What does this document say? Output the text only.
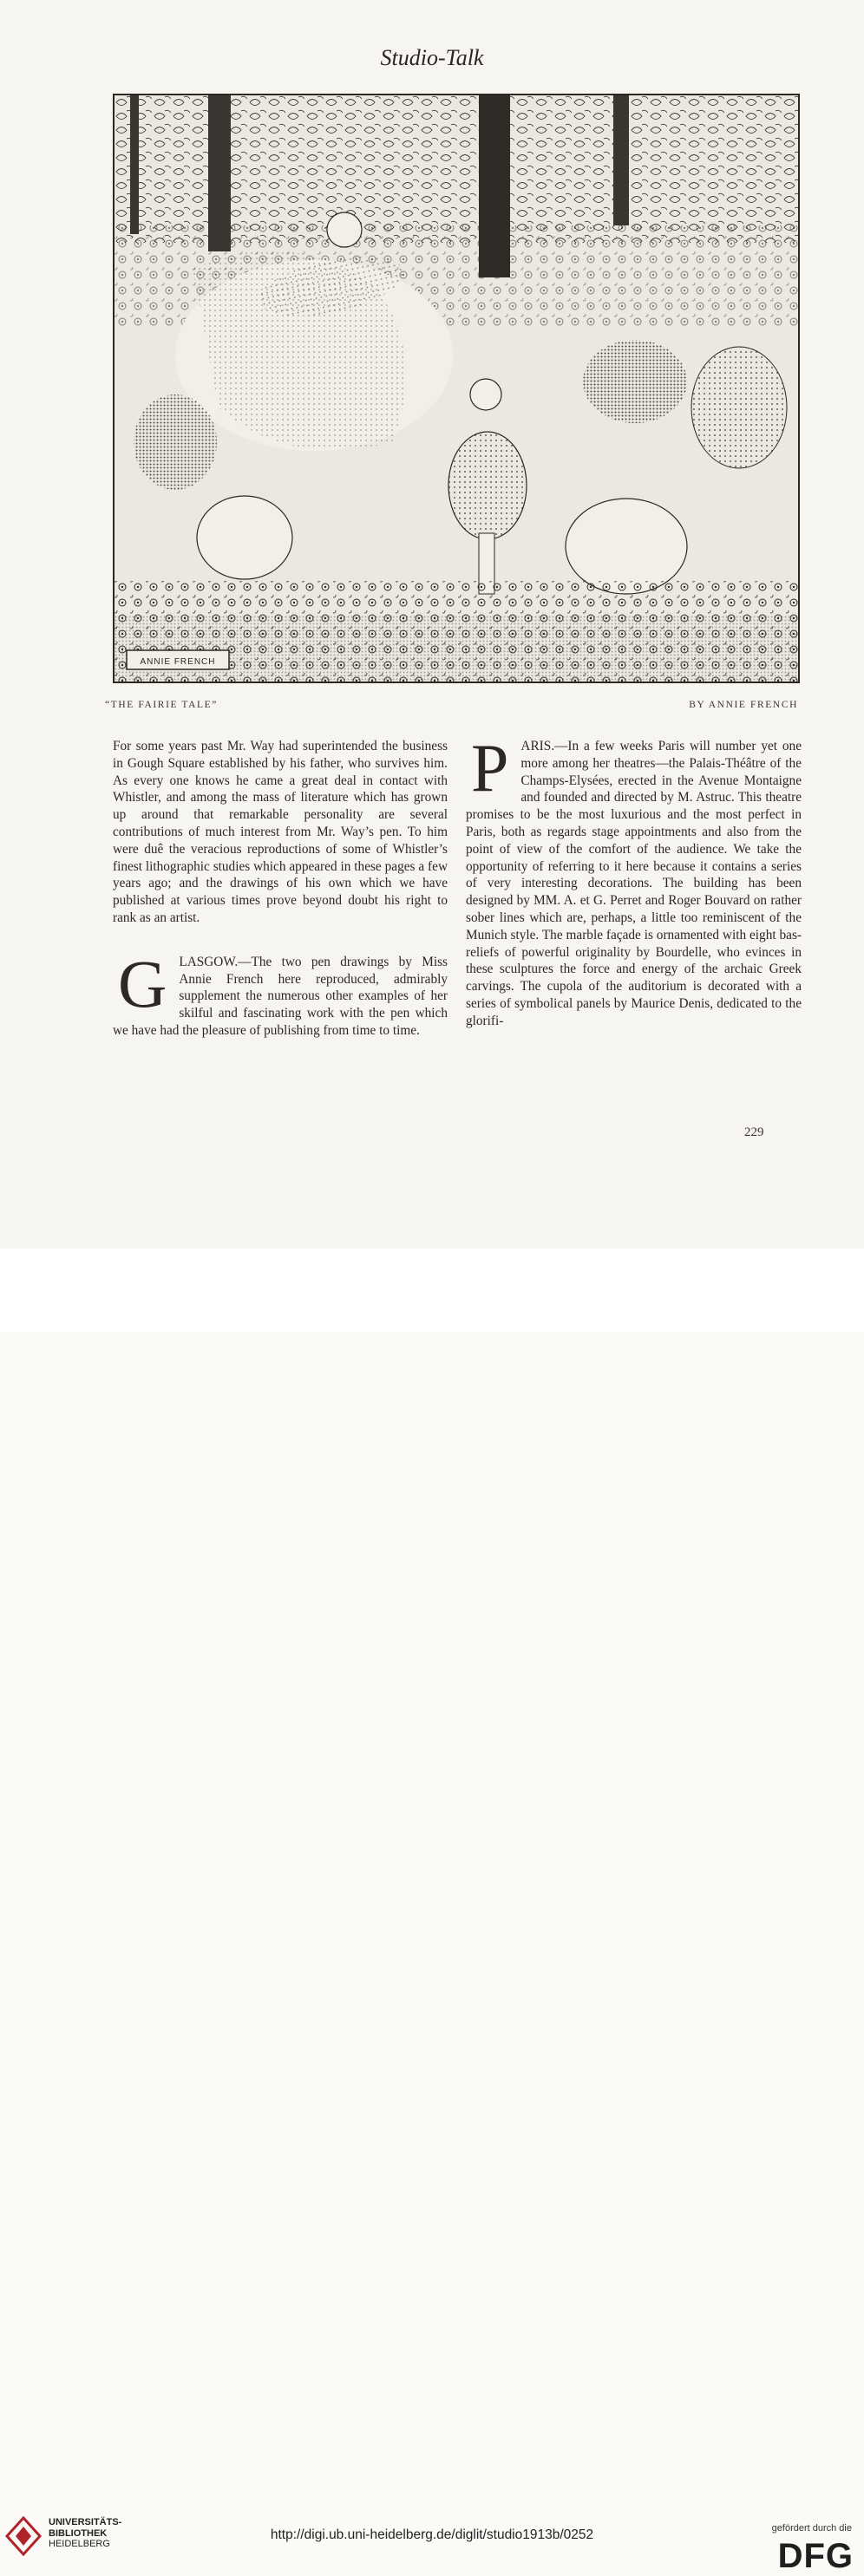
Studio-Talk
ANNIE FRENCH
“THE FAIRIE TALE”	BY ANNIE FRENCH

For some years past Mr. Way had superintended the business in Gough Square established by his father, who survives him. As every one knows he came a great deal in contact with Whistler, and among the mass of literature which has grown up around that remarkable personality are several contributions of much interest from Mr. Way’s pen. To him were duê the veracious reproductions of some of Whistler’s finest lithographic studies which appeared in these pages a few years ago; and the drawings of his own which we have published at various times prove beyond doubt his right to rank as an artist.

GLASGOW.—The two pen drawings by Miss Annie French here reproduced, admirably supplement the numerous other examples of her skilful and fascinating work with the pen which we have had the pleasure of publishing from time to time.

PARIS.—In a few weeks Paris will number yet one more among her theatres—the Palais-Théâtre of the Champs-Elysées, erected in the Avenue Montaigne and founded and directed by M. Astruc. This theatre promises to be the most luxurious and the most perfect in Paris, both as regards stage appointments and also from the point of view of the comfort of the audience. We take the opportunity of referring to it here because it contains a series of very interesting decorations. The building has been designed by MM. A. et G. Perret and Roger Bouvard on rather sober lines which are, perhaps, a little too reminiscent of the Munich style. The marble façade is ornamented with eight bas-reliefs of powerful originality by Bourdelle, who evinces in these sculptures the force and energy of the archaic Greek carvings. The cupola of the auditorium is decorated with a series of symbolical panels by Maurice Denis, dedicated to the glorifi-

229
UNIVERSITÄTS-
BIBLIOTHEK
HEIDELBERG
http://digi.ub.uni-heidelberg.de/diglit/studio1913b/0252	gefördert durch die
DFG
